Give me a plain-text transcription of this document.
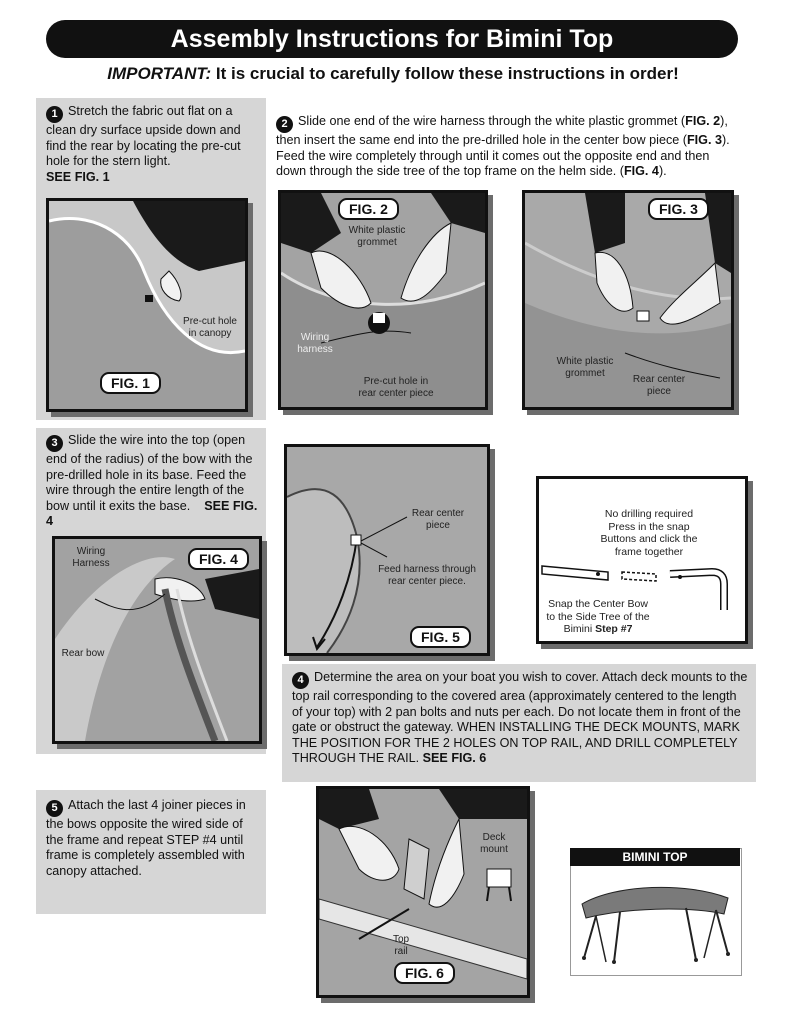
Assembly Instructions for Bimini Top
IMPORTANT: It is crucial to carefully follow these instructions in order!
1 Stretch the fabric out flat on a clean dry surface upside down and find the rear by locating the pre-cut hole for the stern light.
SEE FIG. 1
Pre-cut hole in canopy
FIG. 1
2 Slide one end of the wire harness through the white plastic grommet (FIG. 2), then insert the same end into the pre-drilled hole in the center bow piece (FIG. 3). Feed the wire completely through until it comes out the opposite end and then down through the side tree of the top frame on the helm side. (FIG. 4).
FIG. 2
White plastic grommet
Wiring harness
Pre-cut hole in rear center piece
FIG. 3
White plastic grommet
Rear center piece
3 Slide the wire into the top (open end of the radius) of the bow with the pre-drilled hole in its base. Feed the wire through the entire length of the bow until it exits the base. SEE FIG. 4
FIG. 4
Wiring Harness
Rear bow
Rear center piece
Feed harness through rear center piece.
FIG. 5
No drilling required Press in the snap Buttons and click the frame together
Snap the Center Bow to the Side Tree of the Bimini Step #7
4 Determine the area on your boat you wish to cover. Attach deck mounts to the top rail corresponding to the covered area (approximately centered to the length of your top) with 2 pan bolts and nuts per each. Do not locate them in front of the gate or obstruct the gateway. WHEN INSTALLING THE DECK MOUNTS, MARK THE POSITION FOR THE 2 HOLES ON TOP RAIL, AND DRILL COMPLETELY THROUGH THE RAIL. SEE FIG. 6
5 Attach the last 4 joiner pieces in the bows opposite the wired side of the frame and repeat STEP #4 until frame is completely assembled with canopy attached.
Deck mount
Top rail
FIG. 6
BIMINI TOP
